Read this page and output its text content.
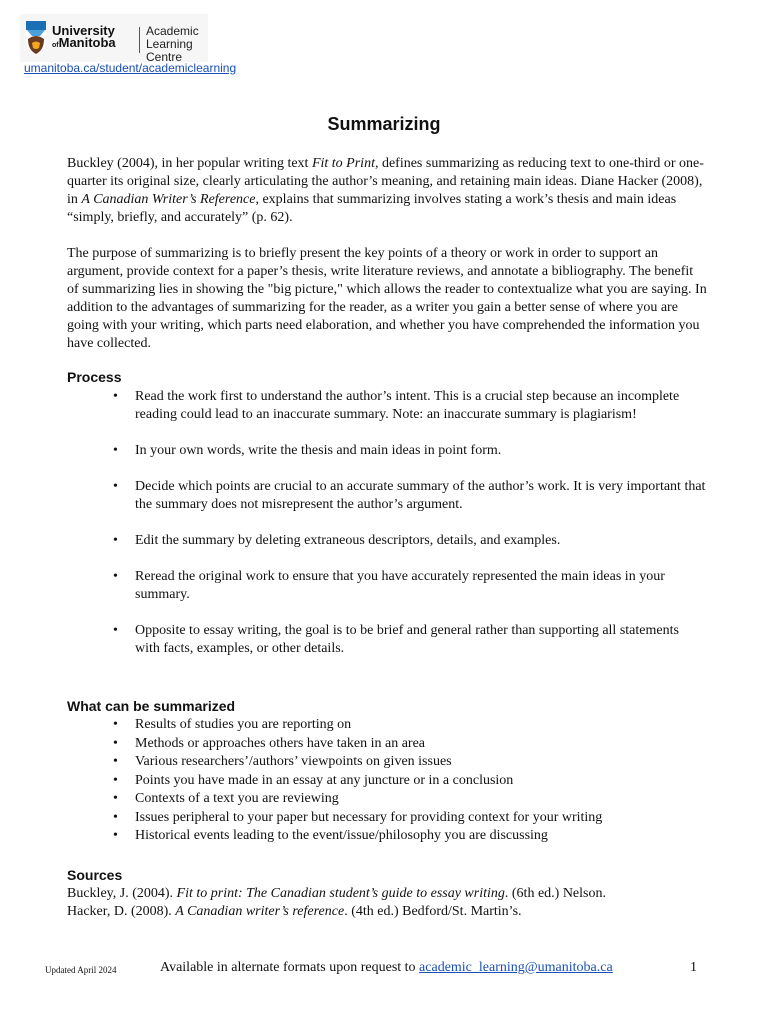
University
ofManitoba
Academic
Learning Centre
umanitoba.ca/student/academiclearning
Summarizing

Buckley (2004), in her popular writing text Fit to Print, defines summarizing as reducing text to one-third or one-quarter its original size, clearly articulating the author’s meaning, and retaining main ideas. Diane Hacker (2008), in A Canadian Writer’s Reference, explains that summarizing involves stating a work’s thesis and main ideas “simply, briefly, and accurately” (p. 62).

The purpose of summarizing is to briefly present the key points of a theory or work in order to support an argument, provide context for a paper’s thesis, write literature reviews, and annotate a bibliography. The benefit of summarizing lies in showing the "big picture," which allows the reader to contextualize what you are saying. In addition to the advantages of summarizing for the reader, as a writer you gain a better sense of where you are going with your writing, which parts need elaboration, and whether you have comprehended the information you have collected.

Process
• Read the work first to understand the author’s intent. This is a crucial step because an incomplete reading could lead to an inaccurate summary. Note: an inaccurate summary is plagiarism!
• In your own words, write the thesis and main ideas in point form.
• Decide which points are crucial to an accurate summary of the author’s work. It is very important that the summary does not misrepresent the author’s argument.
• Edit the summary by deleting extraneous descriptors, details, and examples.
• Reread the original work to ensure that you have accurately represented the main ideas in your summary.
• Opposite to essay writing, the goal is to be brief and general rather than supporting all statements with facts, examples, or other details.
What can be summarized
• Results of studies you are reporting on
• Methods or approaches others have taken in an area
• Various researchers’/authors’ viewpoints on given issues
• Points you have made in an essay at any juncture or in a conclusion
• Contexts of a text you are reviewing
• Issues peripheral to your paper but necessary for providing context for your writing
• Historical events leading to the event/issue/philosophy you are discussing
Sources
Buckley, J. (2004). Fit to print: The Canadian student’s guide to essay writing. (6th ed.) Nelson.
Hacker, D. (2008). A Canadian writer’s reference. (4th ed.) Bedford/St. Martin’s.
Updated April 2024	Available in alternate formats upon request to academic_learning@umanitoba.ca	1
